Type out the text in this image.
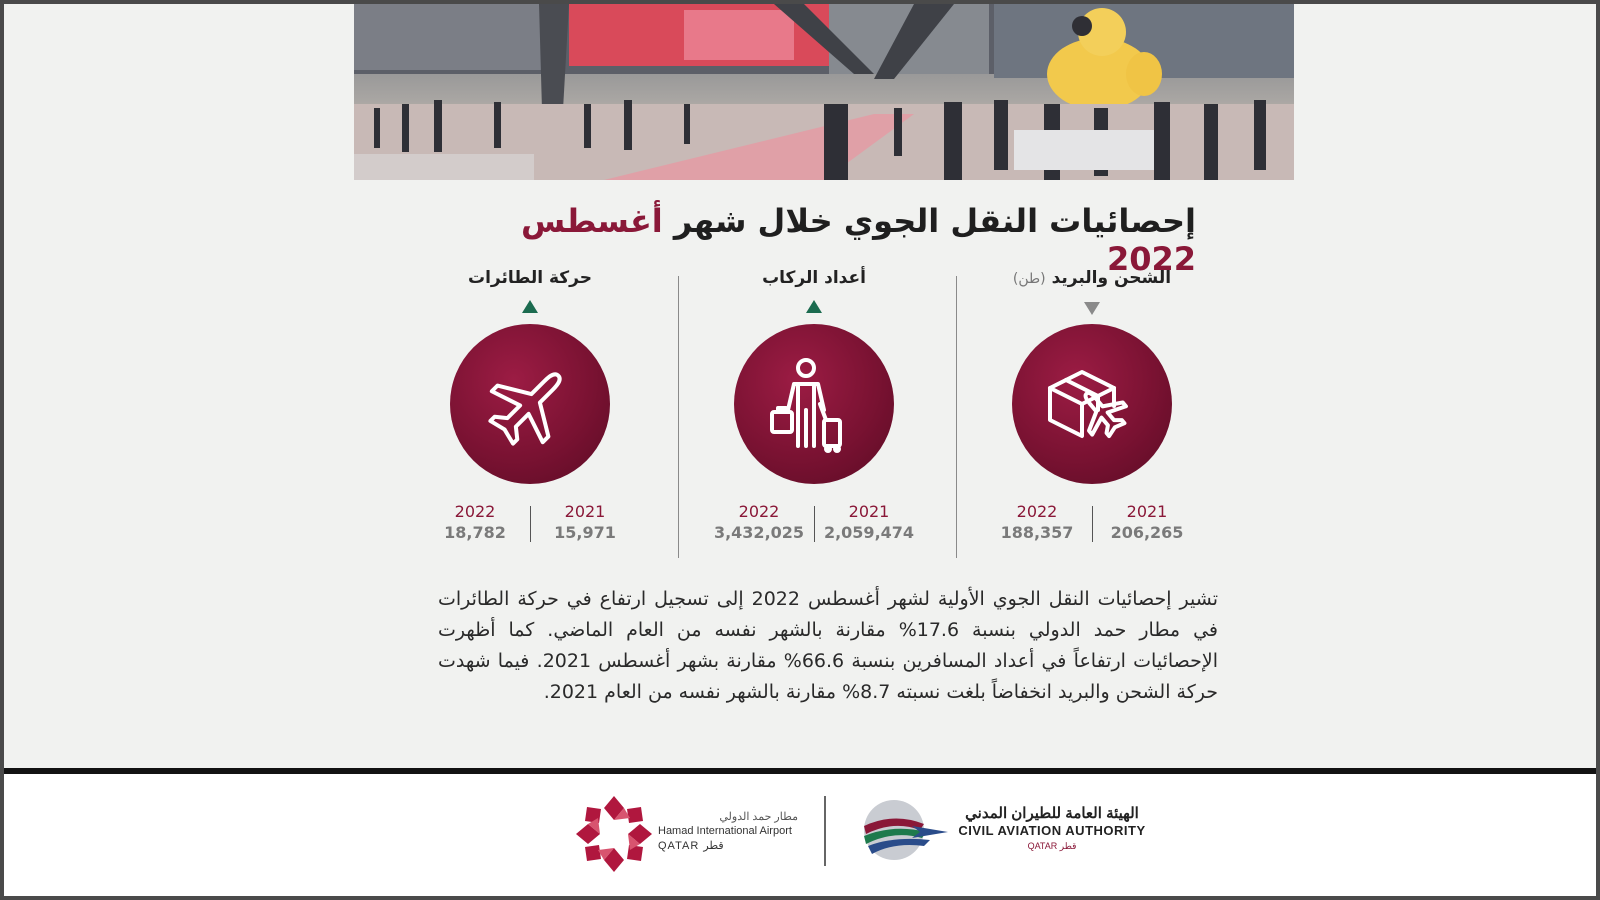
إحصائيات النقل الجوي خلال شهر أغسطس 2022
الشحن والبريد (طن)
2022
188,357
2021
206,265
أعداد الركاب
2022
3,432,025
2021
2,059,474
حركة الطائرات
2022
18,782
2021
15,971
تشير إحصائيات النقل الجوي الأولية لشهر أغسطس 2022 إلى تسجيل ارتفاع في حركة الطائرات في مطار حمد الدولي بنسبة 17.6% مقارنة بالشهر نفسه من العام الماضي. كما أظهرت الإحصائيات ارتفاعاً في أعداد المسافرين بنسبة 66.6% مقارنة بشهر أغسطس 2021. فيما شهدت حركة الشحن والبريد انخفاضاً بلغت نسبته 8.7% مقارنة بالشهر نفسه من العام 2021.
مطار حمد الدولي
Hamad International Airport
QATAR قطر
الهيئة العامة للطيران المدني
CIVIL AVIATION AUTHORITY
QATAR قطر
